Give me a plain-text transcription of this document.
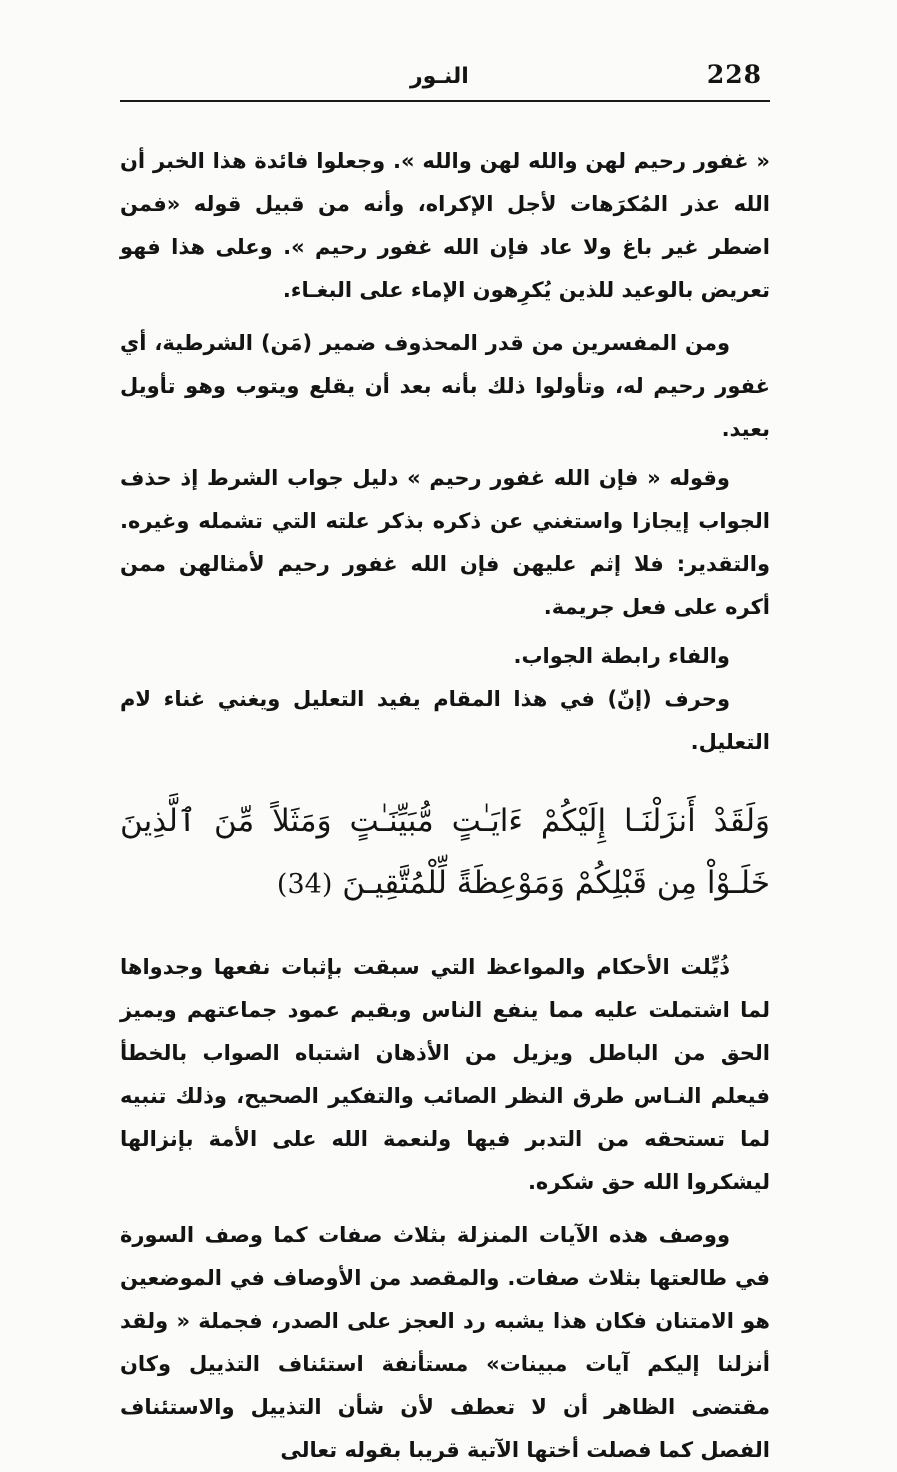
228
النـور

« غفور رحيم لهن والله لهن والله ». وجعلوا فائدة هذا الخبر أن الله عذر المُكرَهات لأجل الإكراه، وأنه من قبيل قوله «فمن اضطر غير باغ ولا عاد فإن الله غفور رحيم ». وعلى هذا فهو تعريض بالوعيد للذين يُكرِهون الإماء على البغـاء.

ومن المفسرين من قدر المحذوف ضمير (مَن) الشرطية، أي غفور رحيم له، وتأولوا ذلك بأنه بعد أن يقلع ويتوب وهو تأويل بعيد.

وقوله « فإن الله غفور رحيم » دليل جواب الشرط إذ حذف الجواب إيجازا واستغني عن ذكره بذكر علته التي تشمله وغيره. والتقدير: فلا إثم عليهن فإن الله غفور رحيم لأمثالهن ممن أكره على فعل جريمة.

والفاء رابطة الجواب.

وحرف (إنّ) في هذا المقام يفيد التعليل ويغني غناء لام التعليل.

وَلَقَدْ أَنزَلْنَـا إِلَيْكُمْ ءَايَـٰتٍ مُّبَيِّنَـٰتٍ وَمَثَلاً مِّنَ ٱلَّذِينَ خَلَـوْاْ مِن قَبْلِكُمْ وَمَوْعِظَةً لِّلْمُتَّقِيـنَ (34)

ذُيِّلت الأحكام والمواعظ التي سبقت بإثبات نفعها وجدواها لما اشتملت عليه مما ينفع الناس وبقيم عمود جماعتهم ويميز الحق من الباطل ويزيل من الأذهان اشتباه الصواب بالخطأ فيعلم النـاس طرق النظر الصائب والتفكير الصحيح، وذلك تنبيه لما تستحقه من التدبر فيها ولنعمة الله على الأمة بإنزالها ليشكروا الله حق شكره.

ووصف هذه الآيات المنزلة بثلاث صفات كما وصف السورة في طالعتها بثلاث صفات. والمقصد من الأوصاف في الموضعين هو الامتنان فكان هذا يشبه رد العجز على الصدر، فجملة « ولقد أنزلنا إليكم آيات مبينات» مستأنفة استئناف التذييل وكان مقتضى الظاهر أن لا تعطف لأن شأن التذييل والاستئناف الفصل كما فصلت أختها الآتية قريبا بقوله تعالى
